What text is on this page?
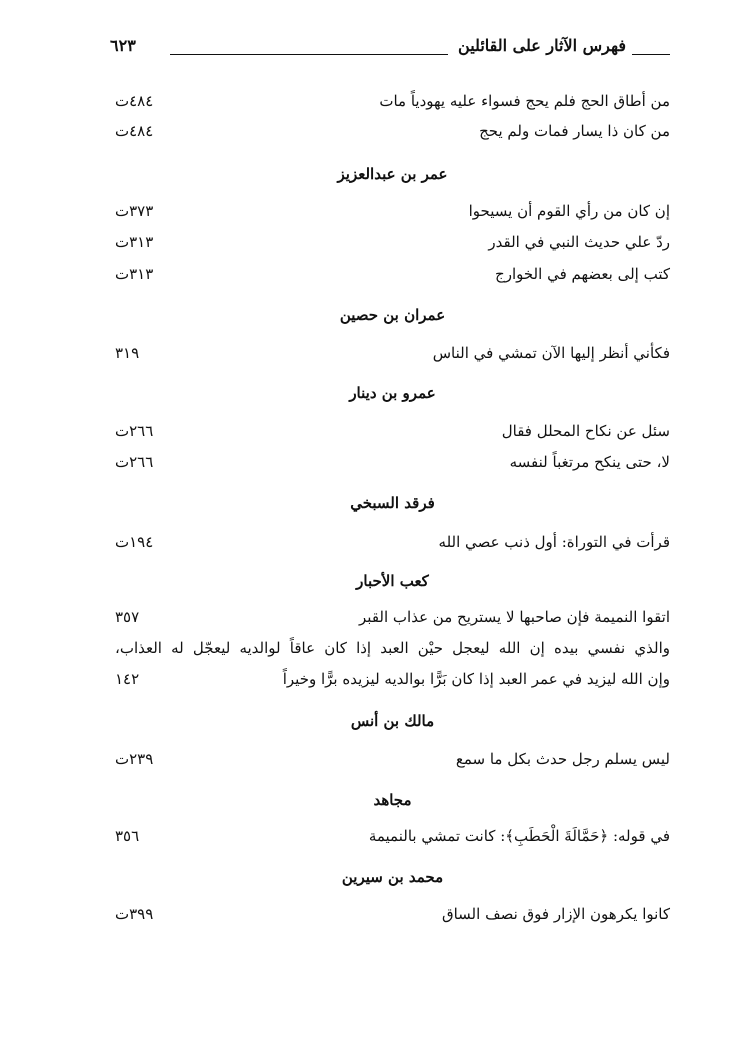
فهرس الآثار على القائلين
٦٢٣
من أطاق الحج فلم يحج فسواء عليه يهودياً مات
٤٨٤ت
من كان ذا يسار فمات ولم يحج
٤٨٤ت
عمر بن عبدالعزيز
إن كان من رأي القوم أن يسيحوا
٣٧٣ت
ردّ علي حديث النبي في القدر
٣١٣ت
كتب إلى بعضهم في الخوارج
٣١٣ت
عمران بن حصين
فكأني أنظر إليها الآن تمشي في الناس
٣١٩
عمرو بن دينار
سئل عن نكاح المحلل فقال
٢٦٦ت
لا، حتى ينكح مرتغباً لنفسه
٢٦٦ت
فرقد السبخي
قرأت في التوراة: أول ذنب عصي الله
١٩٤ت
كعب الأحبار
اتقوا النميمة فإن صاحبها لا يستريح من عذاب القبر
٣٥٧
والذي نفسي بيده إن الله ليعجل حيْن العبد إذا كان عاقاً لوالديه ليعجّل له العذاب،
وإن الله ليزيد في عمر العبد إذا كان بَرًّا بوالديه ليزيده برًّا وخيراً
١٤٢
مالك بن أنس
ليس يسلم رجل حدث بكل ما سمع
٢٣٩ت
مجاهد
في قوله: ﴿حَمَّالَةَ الْحَطَبِ﴾: كانت تمشي بالنميمة
٣٥٦
محمد بن سيرين
كانوا يكرهون الإزار فوق نصف الساق
٣٩٩ت
